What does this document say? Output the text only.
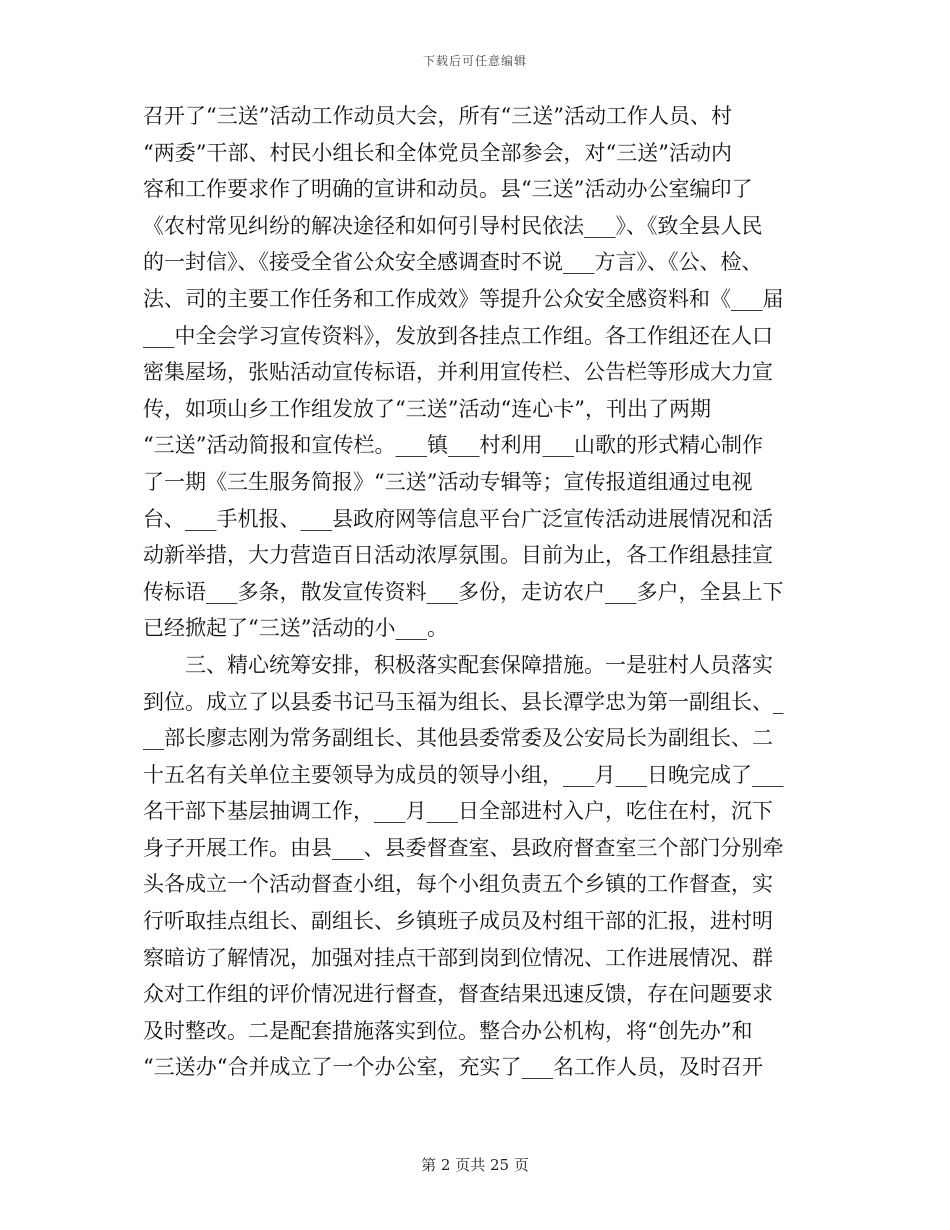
下载后可任意编辑
召开了“三送”活动工作动员大会，所有“三送”活动工作人员、村
“两委”干部、村民小组长和全体党员全部参会，对“三送”活动内
容和工作要求作了明确的宣讲和动员。县“三送”活动办公室编印了
《农村常见纠纷的解决途径和如何引导村民依法___》、《致全县人民
的一封信》、《接受全省公众安全感调查时不说___方言》、《公、检、
法、司的主要工作任务和工作成效》等提升公众安全感资料和《___届
___中全会学习宣传资料》，发放到各挂点工作组。各工作组还在人口
密集屋场，张贴活动宣传标语，并利用宣传栏、公告栏等形成大力宣
传，如项山乡工作组发放了“三送”活动“连心卡”，刊出了两期
“三送”活动简报和宣传栏。___镇___村利用___山歌的形式精心制作
了一期《三生服务简报》“三送”活动专辑等；宣传报道组通过电视
台、___手机报、___县政府网等信息平台广泛宣传活动进展情况和活
动新举措，大力营造百日活动浓厚氛围。目前为止，各工作组悬挂宣
传标语___多条，散发宣传资料___多份，走访农户___多户，全县上下
已经掀起了“三送”活动的小___。
　　三、精心统筹安排，积极落实配套保障措施。一是驻村人员落实
到位。成立了以县委书记马玉福为组长、县长潭学忠为第一副组长、_
__部长廖志刚为常务副组长、其他县委常委及公安局长为副组长、二
十五名有关单位主要领导为成员的领导小组，___月___日晚完成了___
名干部下基层抽调工作，___月___日全部进村入户，吃住在村，沉下
身子开展工作。由县___、县委督查室、县政府督查室三个部门分别牵
头各成立一个活动督查小组，每个小组负责五个乡镇的工作督查，实
行听取挂点组长、副组长、乡镇班子成员及村组干部的汇报，进村明
察暗访了解情况，加强对挂点干部到岗到位情况、工作进展情况、群
众对工作组的评价情况进行督查，督查结果迅速反馈，存在问题要求
及时整改。二是配套措施落实到位。整合办公机构，将“创先办”和
“三送办“合并成立了一个办公室，充实了___名工作人员，及时召开
第 2 页共 25 页
